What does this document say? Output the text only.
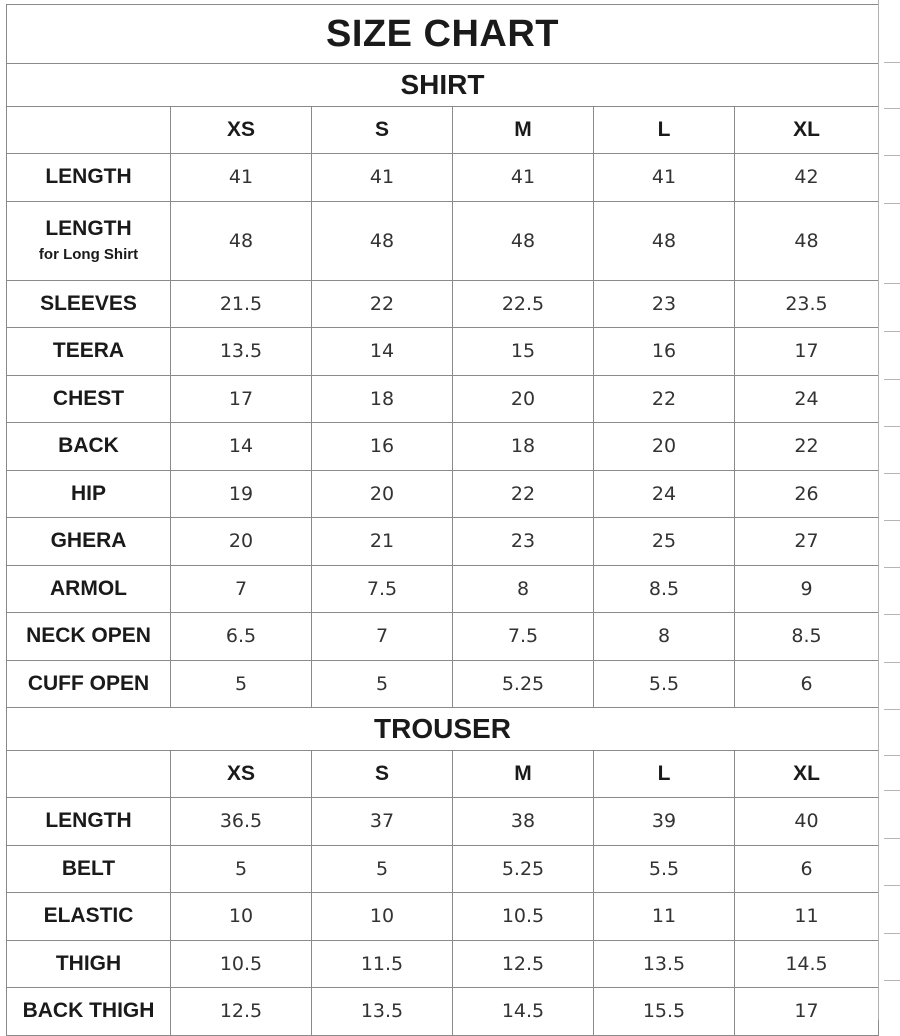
SIZE CHART					
SHIRT					
	XS	S	M	L	XL
LENGTH	41	41	41	41	42
LENGTH
for Long Shirt	48	48	48	48	48
SLEEVES	21.5	22	22.5	23	23.5
TEERA	13.5	14	15	16	17
CHEST	17	18	20	22	24
BACK	14	16	18	20	22
HIP	19	20	22	24	26
GHERA	20	21	23	25	27
ARMOL	7	7.5	8	8.5	9
NECK OPEN	6.5	7	7.5	8	8.5
CUFF OPEN	5	5	5.25	5.5	6
TROUSER					
	XS	S	M	L	XL
LENGTH	36.5	37	38	39	40
BELT	5	5	5.25	5.5	6
ELASTIC	10	10	10.5	11	11
THIGH	10.5	11.5	12.5	13.5	14.5
BACK THIGH	12.5	13.5	14.5	15.5	17
